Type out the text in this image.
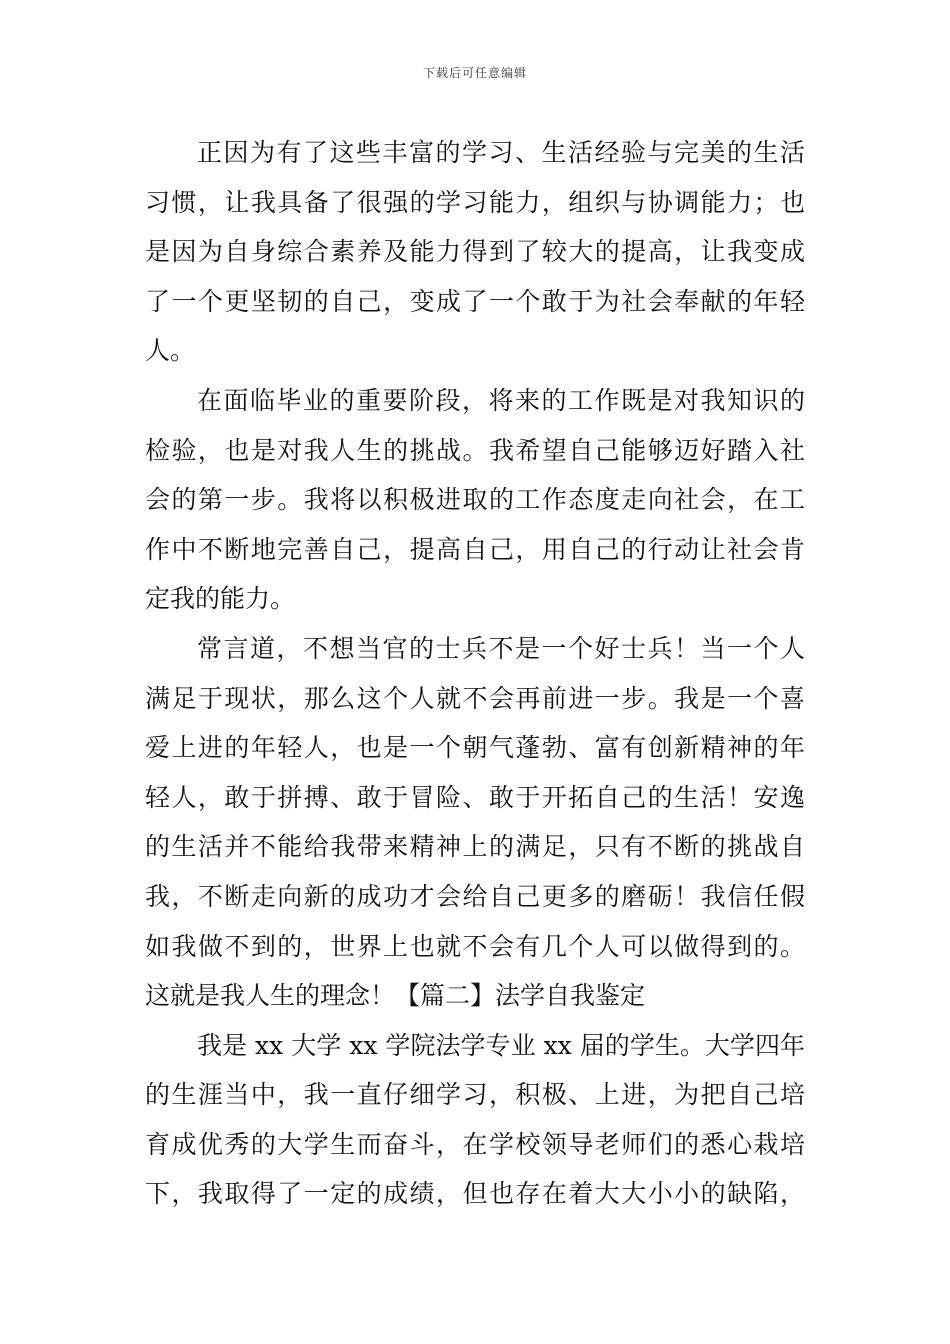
下载后可任意编辑
正因为有了这些丰富的学习、生活经验与完美的生活
习惯，让我具备了很强的学习能力，组织与协调能力；也
是因为自身综合素养及能力得到了较大的提高，让我变成
了一个更坚韧的自己，变成了一个敢于为社会奉献的年轻
人。
在面临毕业的重要阶段，将来的工作既是对我知识的
检验，也是对我人生的挑战。我希望自己能够迈好踏入社
会的第一步。我将以积极进取的工作态度走向社会，在工
作中不断地完善自己，提高自己，用自己的行动让社会肯
定我的能力。
常言道，不想当官的士兵不是一个好士兵！当一个人
满足于现状，那么这个人就不会再前进一步。我是一个喜
爱上进的年轻人，也是一个朝气蓬勃、富有创新精神的年
轻人，敢于拼搏、敢于冒险、敢于开拓自己的生活！安逸
的生活并不能给我带来精神上的满足，只有不断的挑战自
我，不断走向新的成功才会给自己更多的磨砺！我信任假
如我做不到的，世界上也就不会有几个人可以做得到的。
这就是我人生的理念！【篇二】法学自我鉴定
我是 xx 大学 xx 学院法学专业 xx 届的学生。大学四年
的生涯当中，我一直仔细学习，积极、上进，为把自己培
育成优秀的大学生而奋斗，在学校领导老师们的悉心栽培
下，我取得了一定的成绩，但也存在着大大小小的缺陷，
